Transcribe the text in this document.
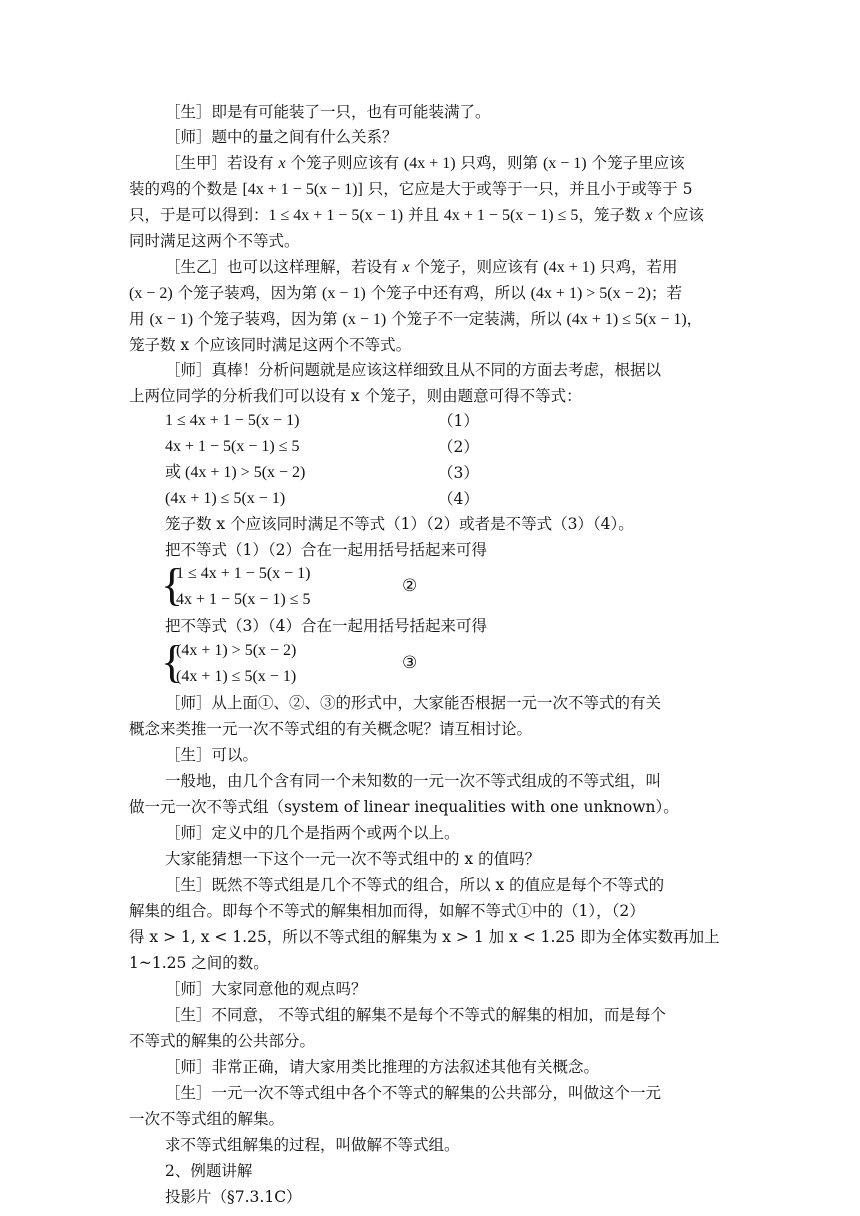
［生］即是有可能装了一只，也有可能装满了。
［师］题中的量之间有什么关系？
［生甲］若设有 x 个笼子则应该有 (4x + 1) 只鸡，则第 (x − 1) 个笼子里应该
装的鸡的个数是 [4x + 1 − 5(x − 1)] 只，它应是大于或等于一只，并且小于或等于 5
只，于是可以得到：1 ≤ 4x + 1 − 5(x − 1) 并且 4x + 1 − 5(x − 1) ≤ 5，笼子数 x 个应该
同时满足这两个不等式。
［生乙］也可以这样理解，若设有 x 个笼子，则应该有 (4x + 1) 只鸡，若用
(x − 2) 个笼子装鸡，因为第 (x − 1) 个笼子中还有鸡，所以 (4x + 1) > 5(x − 2)；若
用 (x − 1) 个笼子装鸡，因为第 (x − 1) 个笼子不一定装满，所以 (4x + 1) ≤ 5(x − 1)，
笼子数 x 个应该同时满足这两个不等式。
［师］真棒！分析问题就是应该这样细致且从不同的方面去考虑，根据以
上两位同学的分析我们可以设有 x 个笼子，则由题意可得不等式：
1 ≤ 4x + 1 − 5(x − 1)	（1）
4x + 1 − 5(x − 1) ≤ 5	（2）
或 (4x + 1) > 5(x − 2)	（3）
(4x + 1) ≤ 5(x − 1)	（4）
笼子数 x 个应该同时满足不等式（1）（2）或者是不等式（3）（4）。
把不等式（1）（2）合在一起用括号括起来可得
{
1 ≤ 4x + 1 − 5(x − 1)
4x + 1 − 5(x − 1) ≤ 5
②
把不等式（3）（4）合在一起用括号括起来可得
{
(4x + 1) > 5(x − 2)
(4x + 1) ≤ 5(x − 1)
③
［师］从上面①、②、③的形式中，大家能否根据一元一次不等式的有关
概念来类推一元一次不等式组的有关概念呢？请互相讨论。
［生］可以。
一般地，由几个含有同一个未知数的一元一次不等式组成的不等式组，叫
做一元一次不等式组（system of linear inequalities with one unknown）。
［师］定义中的几个是指两个或两个以上。
大家能猜想一下这个一元一次不等式组中的 x 的值吗？
［生］既然不等式组是几个不等式的组合，所以 x 的值应是每个不等式的
解集的组合。即每个不等式的解集相加而得，如解不等式①中的（1），（2）
得 x > 1, x < 1.25，所以不等式组的解集为 x > 1 加 x < 1.25 即为全体实数再加上
1~1.25 之间的数。
［师］大家同意他的观点吗？
［生］不同意， 不等式组的解集不是每个不等式的解集的相加，而是每个
不等式的解集的公共部分。
［师］非常正确，请大家用类比推理的方法叙述其他有关概念。
［生］一元一次不等式组中各个不等式的解集的公共部分，叫做这个一元
一次不等式组的解集。
求不等式组解集的过程，叫做解不等式组。
2、例题讲解
投影片（§7.3.1C）
